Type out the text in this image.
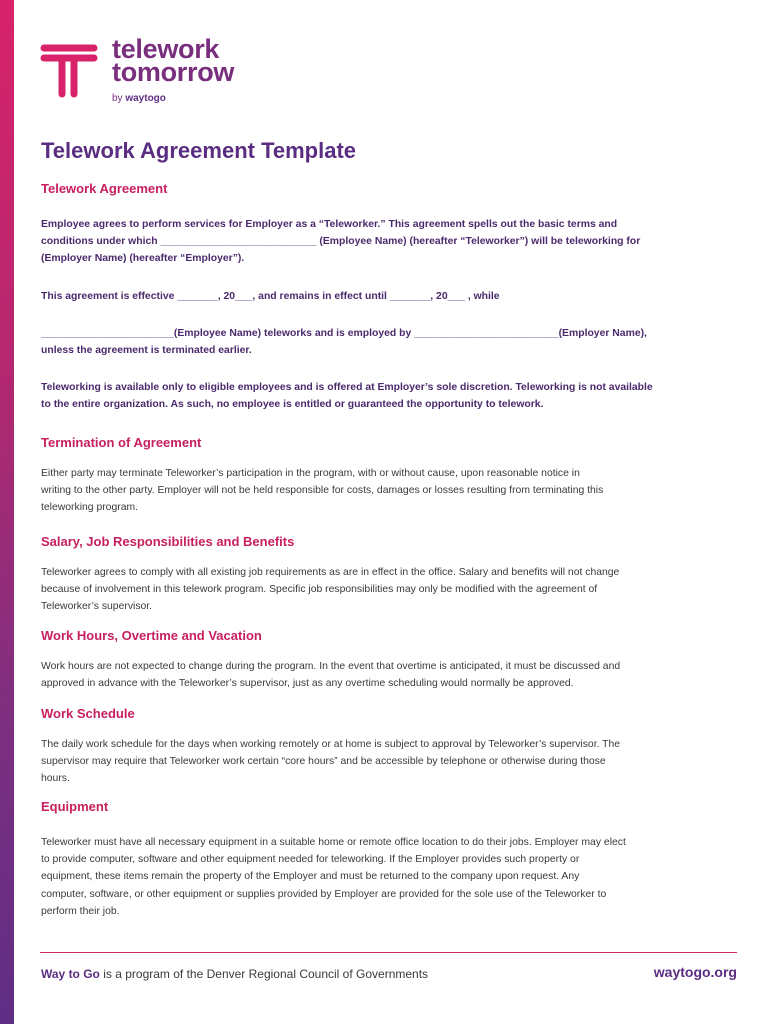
telework
tomorrow
by waytogo
Telework Agreement Template
Telework Agreement
Employee agrees to perform services for Employer as a “Teleworker.” This agreement spells out the basic terms and
conditions under which ___________________________ (Employee Name) (hereafter “Teleworker”) will be teleworking for
(Employer Name) (hereafter “Employer”).
This agreement is effective _______, 20___, and remains in effect until _______, 20___ , while
_______________________(Employee Name) teleworks and is employed by _________________________(Employer Name),
unless the agreement is terminated earlier.
Teleworking is available only to eligible employees and is offered at Employer’s sole discretion. Teleworking is not available
to the entire organization. As such, no employee is entitled or guaranteed the opportunity to telework.
Termination of Agreement
Either party may terminate Teleworker’s participation in the program, with or without cause, upon reasonable notice in
writing to the other party. Employer will not be held responsible for costs, damages or losses resulting from terminating this
teleworking program.
Salary, Job Responsibilities and Benefits
Teleworker agrees to comply with all existing job requirements as are in effect in the office. Salary and benefits will not change
because of involvement in this telework program. Specific job responsibilities may only be modified with the agreement of
Teleworker’s supervisor.
Work Hours, Overtime and Vacation
Work hours are not expected to change during the program. In the event that overtime is anticipated, it must be discussed and
approved in advance with the Teleworker’s supervisor, just as any overtime scheduling would normally be approved.
Work Schedule
The daily work schedule for the days when working remotely or at home is subject to approval by Teleworker’s supervisor. The
supervisor may require that Teleworker work certain “core hours” and be accessible by telephone or otherwise during those
hours.
Equipment
Teleworker must have all necessary equipment in a suitable home or remote office location to do their jobs. Employer may elect
to provide computer, software and other equipment needed for teleworking. If the Employer provides such property or
equipment, these items remain the property of the Employer and must be returned to the company upon request. Any
computer, software, or other equipment or supplies provided by Employer are provided for the sole use of the Teleworker to
perform their job.
Way to Go is a program of the Denver Regional Council of Governments	waytogo.org
